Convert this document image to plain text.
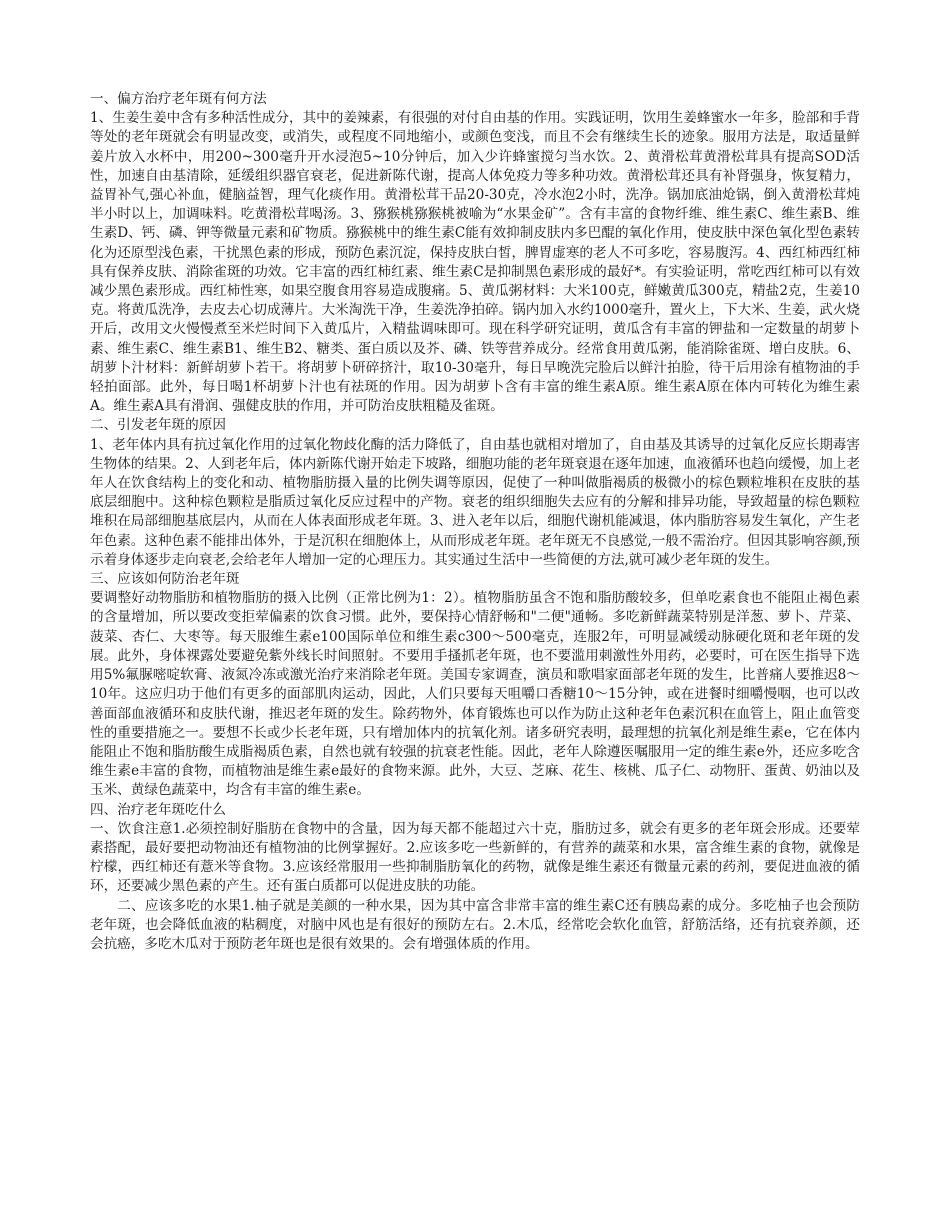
一、偏方治疗老年斑有何方法

1、生姜生姜中含有多种活性成分，其中的姜辣素，有很强的对付自由基的作用。实践证明，饮用生姜蜂蜜水一年多，脸部和手背等处的老年斑就会有明显改变，或消失，或程度不同地缩小，或颜色变浅，而且不会有继续生长的迹象。服用方法是，取适量鲜姜片放入水杯中，用200~300毫升开水浸泡5~10分钟后，加入少许蜂蜜搅匀当水饮。2、黄滑松茸黄滑松茸具有提高SOD活性，加速自由基清除，延缓组织器官衰老，促进新陈代谢，提高人体免疫力等多种功效。黄滑松茸还具有补肾强身，恢复精力，益胃补气,强心补血，健脑益智，理气化痰作用。黄滑松茸干品20-30克，冷水泡2小时，洗净。锅加底油炝锅，倒入黄滑松茸炖半小时以上，加调味料。吃黄滑松茸喝汤。3、猕猴桃猕猴桃被喻为“水果金矿”。含有丰富的食物纤维、维生素C、维生素B、维生素D、钙、磷、钾等微量元素和矿物质。猕猴桃中的维生素C能有效抑制皮肤内多巴醌的氧化作用，使皮肤中深色氧化型色素转化为还原型浅色素，干扰黑色素的形成，预防色素沉淀，保持皮肤白皙，脾胃虚寒的老人不可多吃，容易腹泻。4、西红柿西红柿具有保养皮肤、消除雀斑的功效。它丰富的西红柿红素、维生素C是抑制黑色素形成的最好*。有实验证明，常吃西红柿可以有效减少黑色素形成。西红柿性寒，如果空腹食用容易造成腹痛。5、黄瓜粥材料：大米100克，鲜嫩黄瓜300克，精盐2克，生姜10克。将黄瓜洗净，去皮去心切成薄片。大米淘洗干净，生姜洗净拍碎。锅内加入水约1000毫升，置火上，下大米、生姜，武火烧开后，改用文火慢慢煮至米烂时间下入黄瓜片，入精盐调味即可。现在科学研究证明，黄瓜含有丰富的钾盐和一定数量的胡萝卜素、维生素C、维生素B1、维生B2、糖类、蛋白质以及芥、磷、铁等营养成分。经常食用黄瓜粥，能消除雀斑、增白皮肤。6、胡萝卜汁材料：新鲜胡萝卜若干。将胡萝卜研碎挤汁，取10-30毫升，每日早晚洗完脸后以鲜汁拍脸，待干后用涂有植物油的手轻拍面部。此外，每日喝1杯胡萝卜汁也有祛斑的作用。因为胡萝卜含有丰富的维生素A原。维生素A原在体内可转化为维生素A。维生素A具有滑润、强健皮肤的作用，并可防治皮肤粗糙及雀斑。

二、引发老年斑的原因

1、老年体内具有抗过氧化作用的过氧化物歧化酶的活力降低了，自由基也就相对增加了，自由基及其诱导的过氧化反应长期毒害生物体的结果。2、人到老年后，体内新陈代谢开始走下坡路，细胞功能的老年斑衰退在逐年加速，血液循环也趋向缓慢，加上老年人在饮食结构上的变化和动、植物脂肪摄入量的比例失调等原因，促使了一种叫做脂褐质的极微小的棕色颗粒堆积在皮肤的基底层细胞中。这种棕色颗粒是脂质过氧化反应过程中的产物。衰老的组织细胞失去应有的分解和排异功能，导致超量的棕色颗粒堆积在局部细胞基底层内，从而在人体表面形成老年斑。3、进入老年以后，细胞代谢机能减退，体内脂肪容易发生氧化，产生老年色素。这种色素不能排出体外，于是沉积在细胞体上，从而形成老年斑。老年斑无不良感觉,一般不需治疗。但因其影响容颜,预示着身体逐步走向衰老,会给老年人增加一定的心理压力。其实通过生活中一些简便的方法,就可减少老年斑的发生。

三、应该如何防治老年斑

要调整好动物脂肪和植物脂肪的摄入比例（正常比例为1：2）。植物脂肪虽含不饱和脂肪酸较多，但单吃素食也不能阻止褐色素的含量增加，所以要改变拒荤偏素的饮食习惯。此外，要保持心情舒畅和"二便"通畅。多吃新鲜蔬菜特别是洋葱、萝卜、芹菜、菠菜、杏仁、大枣等。每天服维生素e100国际单位和维生素c300～500毫克，连服2年，可明显减缓动脉硬化斑和老年斑的发展。此外，身体裸露处要避免紫外线长时间照射。不要用手搔抓老年斑，也不要滥用刺激性外用药，必要时，可在医生指导下选用5%氟脲嘧啶软膏、液氮冷冻或激光治疗来消除老年斑。美国专家调查，演员和歌唱家面部老年斑的发生，比普痛人要推迟8～10年。这应归功于他们有更多的面部肌肉运动，因此，人们只要每天咀嚼口香糖10～15分钟，或在进餐时细嚼慢咽，也可以改善面部血液循环和皮肤代谢，推迟老年斑的发生。除药物外，体育锻炼也可以作为防止这种老年色素沉积在血管上，阻止血管变性的重要措施之一。要想不长或少长老年斑，只有增加体内的抗氧化剂。诸多研究表明，最理想的抗氧化剂是维生素e，它在体内能阻止不饱和脂肪酸生成脂褐质色素，自然也就有较强的抗衰老性能。因此，老年人除遵医嘱服用一定的维生素e外，还应多吃含维生素e丰富的食物，而植物油是维生素e最好的食物来源。此外，大豆、芝麻、花生、核桃、瓜子仁、动物肝、蛋黄、奶油以及玉米、黄绿色蔬菜中，均含有丰富的维生素e。

四、治疗老年斑吃什么

一、饮食注意1.必须控制好脂肪在食物中的含量，因为每天都不能超过六十克，脂肪过多，就会有更多的老年斑会形成。还要荤素搭配，最好要把动物油还有植物油的比例掌握好。2.应该多吃一些新鲜的，有营养的蔬菜和水果，富含维生素的食物，就像是柠檬，西红柿还有薏米等食物。3.应该经常服用一些抑制脂肪氧化的药物，就像是维生素还有微量元素的药剂，要促进血液的循环，还要减少黑色素的产生。还有蛋白质都可以促进皮肤的功能。

二、应该多吃的水果1.柚子就是美颜的一种水果，因为其中富含非常丰富的维生素C还有胰岛素的成分。多吃柚子也会预防老年斑，也会降低血液的粘稠度，对脑中风也是有很好的预防左右。2.木瓜，经常吃会软化血管，舒筋活络，还有抗衰养颜，还会抗癌，多吃木瓜对于预防老年斑也是很有效果的。会有增强体质的作用。
